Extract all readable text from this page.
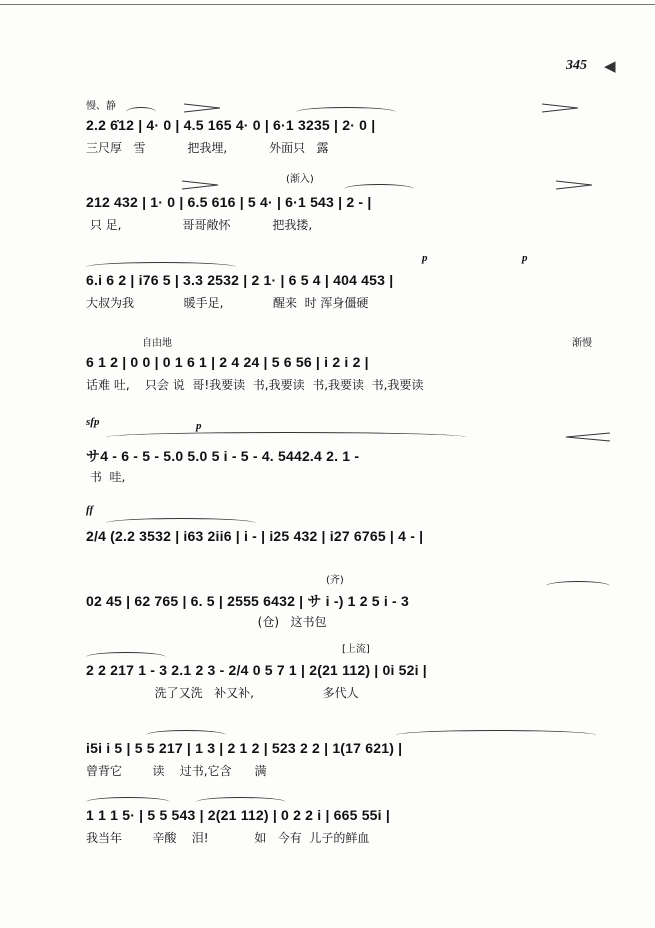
345 ◀
慢、静
2.2 6̇12 | 4· 0 | 4.5 165 4· 0 | 6·1 3235 | 2· 0 |
三尺厚   雪           把我埋,           外面只   露
(渐入)
212 432 | 1· 0 | 6.5 616 | 5 4· | 6·1 543 | 2 - |
只 足,                哥哥敞怀           把我搂,
p	p
6.i 6 2 | i76 5 | 3.3 2532 | 2 1· | 6 5 4 | 404 453 |
大叔为我             暖手足,             醒来  时 浑身僵硬
自由地	渐慢
6 1 2 | 0 0 | 0 1 6 1 | 2 4 24 | 5 6 56 | i 2 i 2 |
话难 吐,    只会 说  哥!我要读  书,我要读  书,我要读  书,我要读
sfp	p
サ4 - 6 - 5 - 5.0 5.0 5 i - 5 - 4. 5442.4 2. 1 -
书  哇,
ff
2/4 (2.2 3532 | i63 2ii6 | i - | i25 432 | i27 6765 | 4 - |
(齐)
02 45 | 62 765 | 6. 5 | 2555 6432 | サ i -) 1 2 5 i - 3
(仓)   这书包
[上流]
2 2 217 1 - 3 2.1 2 3 - 2/4 0 5 7 1 | 2(21 112) | 0i 52i |
洗了又洗   补又补,                  多代人
i5i i 5 | 5 5 217 | 1 3 | 2 1 2 | 523 2 2 | 1(17 621) |
曾背它        读    过书,它含      满
1 1 1 5· | 5 5 543 | 2(21 112) | 0 2 2 i | 665 55i |
我当年        辛酸    泪!            如   今有  儿子的鲜血
